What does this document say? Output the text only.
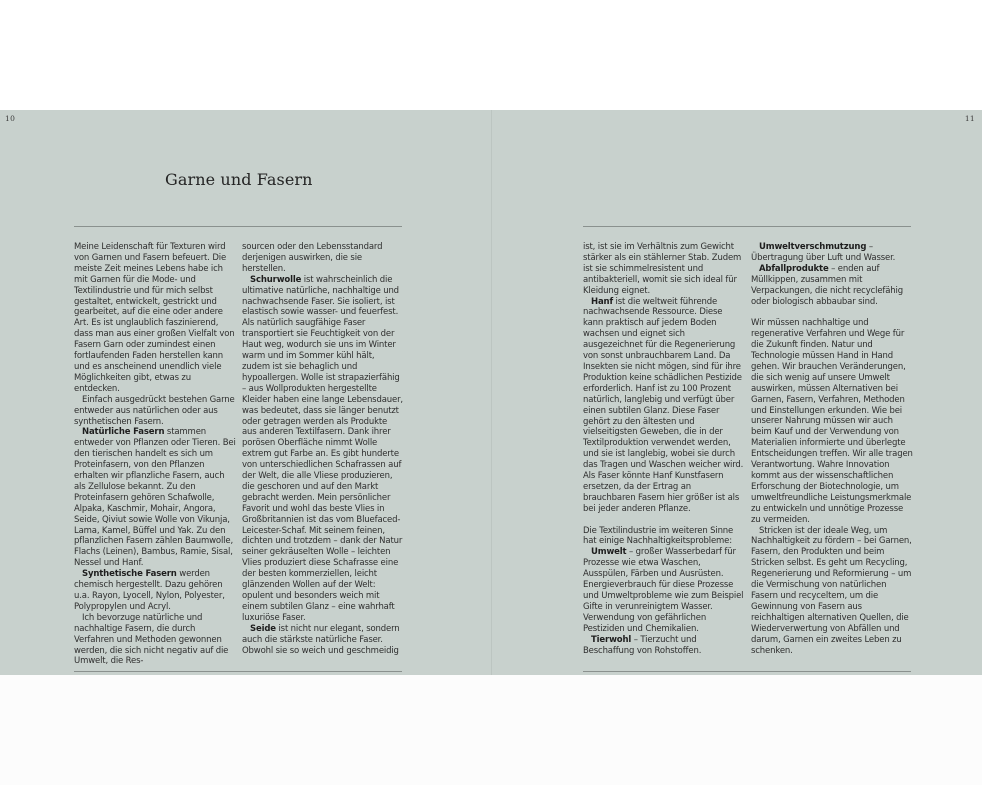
10	11
Garne und Fasern

Meine Leidenschaft für Texturen wird von Garnen und Fasern befeuert. Die meiste Zeit meines Lebens habe ich mit Garnen für die Mode- und Textilindustrie und für mich selbst gestaltet, entwickelt, gestrickt und gearbeitet, auf die eine oder andere Art. Es ist unglaublich faszinierend, dass man aus einer großen Vielfalt von Fasern Garn oder zumindest einen fortlaufenden Faden herstellen kann und es anscheinend unendlich viele Möglichkeiten gibt, etwas zu entdecken.

Einfach ausgedrückt bestehen Garne entweder aus natürlichen oder aus synthetischen Fasern.

Natürliche Fasern stammen entweder von Pflanzen oder Tieren. Bei den tierischen handelt es sich um Proteinfasern, von den Pflanzen erhalten wir pflanzliche Fasern, auch als Zellulose bekannt. Zu den Proteinfasern gehören Schafwolle, Alpaka, Kaschmir, Mohair, Angora, Seide, Qiviut sowie Wolle von Vikunja, Lama, Kamel, Büffel und Yak. Zu den pflanzlichen Fasern zählen Baumwolle, Flachs (Leinen), Bambus, Ramie, Sisal, Nessel und Hanf.

Synthetische Fasern werden chemisch hergestellt. Dazu gehören u.a. Rayon, Lyocell, Nylon, Polyester, Polypropylen und Acryl.

Ich bevorzuge natürliche und nachhaltige Fasern, die durch Verfahren und Methoden gewonnen werden, die sich nicht negativ auf die Umwelt, die Res-

sourcen oder den Lebensstandard derjenigen auswirken, die sie herstellen.

Schurwolle ist wahrscheinlich die ultimative natürliche, nachhaltige und nachwachsende Faser. Sie isoliert, ist elastisch sowie wasser- und feuerfest. Als natürlich saugfähige Faser transportiert sie Feuchtigkeit von der Haut weg, wodurch sie uns im Winter warm und im Sommer kühl hält, zudem ist sie behaglich und hypoallergen. Wolle ist strapazierfähig – aus Wollprodukten hergestellte Kleider haben eine lange Lebensdauer, was bedeutet, dass sie länger benutzt oder getragen werden als Produkte aus anderen Textilfasern. Dank ihrer porösen Oberfläche nimmt Wolle extrem gut Farbe an. Es gibt hunderte von unterschiedlichen Schafrassen auf der Welt, die alle Vliese produzieren, die geschoren und auf den Markt gebracht werden. Mein persönlicher Favorit und wohl das beste Vlies in Großbritannien ist das vom Bluefaced-Leicester-Schaf. Mit seinem feinen, dichten und trotzdem – dank der Natur seiner gekräuselten Wolle – leichten Vlies produziert diese Schafrasse eine der besten kommerziellen, leicht glänzenden Wollen auf der Welt: opulent und besonders weich mit einem subtilen Glanz – eine wahrhaft luxuriöse Faser.

Seide ist nicht nur elegant, sondern auch die stärkste natürliche Faser. Obwohl sie so weich und geschmeidig

ist, ist sie im Verhältnis zum Gewicht stärker als ein stählerner Stab. Zudem ist sie schimmelresistent und antibakteriell, womit sie sich ideal für Kleidung eignet.

Hanf ist die weltweit führende nachwachsende Ressource. Diese kann praktisch auf jedem Boden wachsen und eignet sich ausgezeichnet für die Regenerierung von sonst unbrauchbarem Land. Da Insekten sie nicht mögen, sind für ihre Produktion keine schädlichen Pestizide erforderlich. Hanf ist zu 100 Prozent natürlich, langlebig und verfügt über einen subtilen Glanz. Diese Faser gehört zu den ältesten und vielseitigsten Geweben, die in der Textilproduktion verwendet werden, und sie ist langlebig, wobei sie durch das Tragen und Waschen weicher wird. Als Faser könnte Hanf Kunstfasern ersetzen, da der Ertrag an brauchbaren Fasern hier größer ist als bei jeder anderen Pflanze.

Die Textilindustrie im weiteren Sinne hat einige Nachhaltigkeitsprobleme:

Umwelt – großer Wasserbedarf für Prozesse wie etwa Waschen, Ausspülen, Färben und Ausrüsten. Energieverbrauch für diese Prozesse und Umweltprobleme wie zum Beispiel Gifte in verunreinigtem Wasser. Verwendung von gefährlichen Pestiziden und Chemikalien.

Tierwohl – Tierzucht und Beschaffung von Rohstoffen.

Umweltverschmutzung – Übertragung über Luft und Wasser.

Abfallprodukte – enden auf Müllkippen, zusammen mit Verpackungen, die nicht recyclefähig oder biologisch abbaubar sind.

Wir müssen nachhaltige und regenerative Verfahren und Wege für die Zukunft finden. Natur und Technologie müssen Hand in Hand gehen. Wir brauchen Veränderungen, die sich wenig auf unsere Umwelt auswirken, müssen Alternativen bei Garnen, Fasern, Verfahren, Methoden und Einstellungen erkunden. Wie bei unserer Nahrung müssen wir auch beim Kauf und der Verwendung von Materialien informierte und überlegte Entscheidungen treffen. Wir alle tragen Verantwortung. Wahre Innovation kommt aus der wissenschaftlichen Erforschung der Biotechnologie, um umweltfreundliche Leistungsmerkmale zu entwickeln und unnötige Prozesse zu vermeiden.

Stricken ist der ideale Weg, um Nachhaltigkeit zu fördern – bei Garnen, Fasern, den Produkten und beim Stricken selbst. Es geht um Recycling, Regenerierung und Reformierung – um die Vermischung von natürlichen Fasern und recyceltem, um die Gewinnung von Fasern aus reichhaltigen alternativen Quellen, die Wiederverwertung von Abfällen und darum, Garnen ein zweites Leben zu schenken.
